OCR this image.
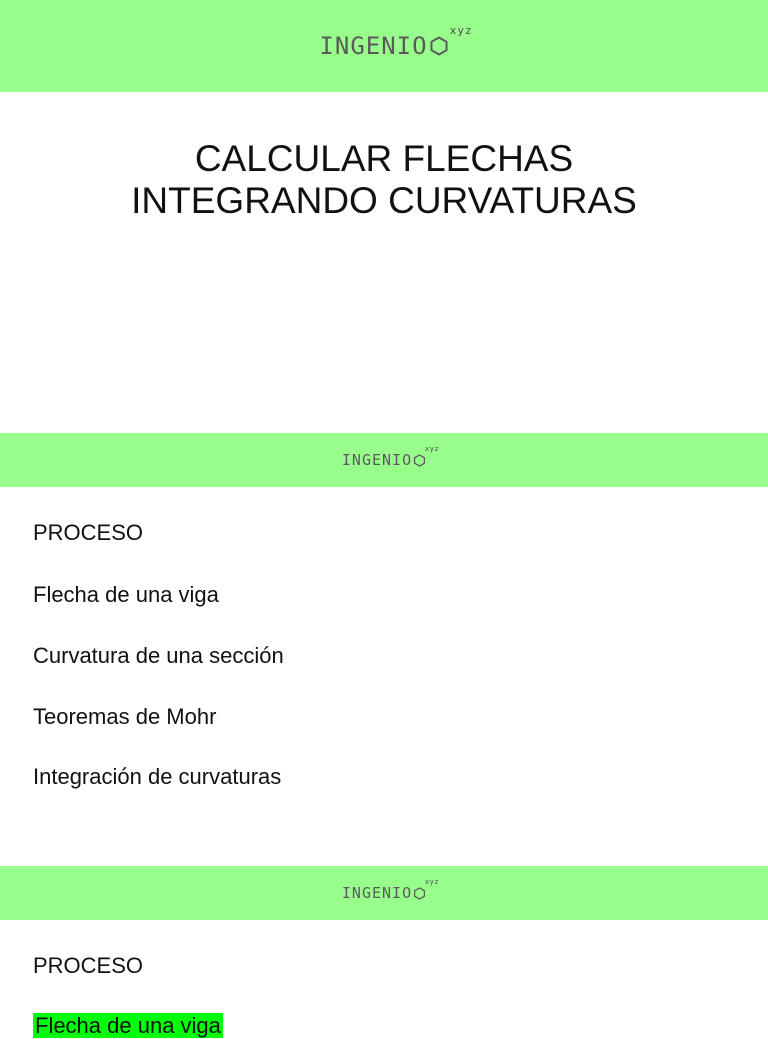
INGENIO
xyz
CALCULAR FLECHAS
INTEGRANDO CURVATURAS
INGENIO
xyz
PROCESO
Flecha de una viga
Curvatura de una sección
Teoremas de Mohr
Integración de curvaturas
INGENIO
xyz
PROCESO
Flecha de una viga
